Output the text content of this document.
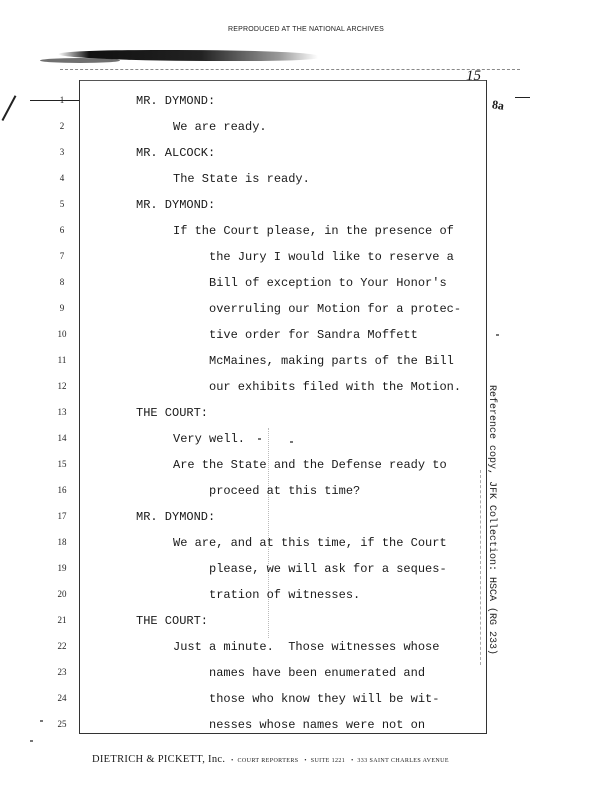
REPRODUCED AT THE NATIONAL ARCHIVES
15
8a
1	MR. DYMOND:
2	We are ready.
3	MR. ALCOCK:
4	The State is ready.
5	MR. DYMOND:
6	If the Court please, in the presence of
7	the Jury I would like to reserve a
8	Bill of exception to Your Honor's
9	overruling our Motion for a protec-
10	tive order for Sandra Moffett
11	McMaines, making parts of the Bill
12	our exhibits filed with the Motion.
13	THE COURT:
14	Very well.
15	Are the State and the Defense ready to
16	proceed at this time?
17	MR. DYMOND:
18	We are, and at this time, if the Court
19	please, we will ask for a seques-
20	tration of witnesses.
21	THE COURT:
22	Just a minute.  Those witnesses whose
23	names have been enumerated and
24	those who know they will be wit-
25	nesses whose names were not on
Reference copy, JFK Collection: HSCA (RG 233)
DIETRICH & PICKETT, Inc.  •  COURT REPORTERS  •  SUITE 1221  •  333 SAINT CHARLES AVENUE
